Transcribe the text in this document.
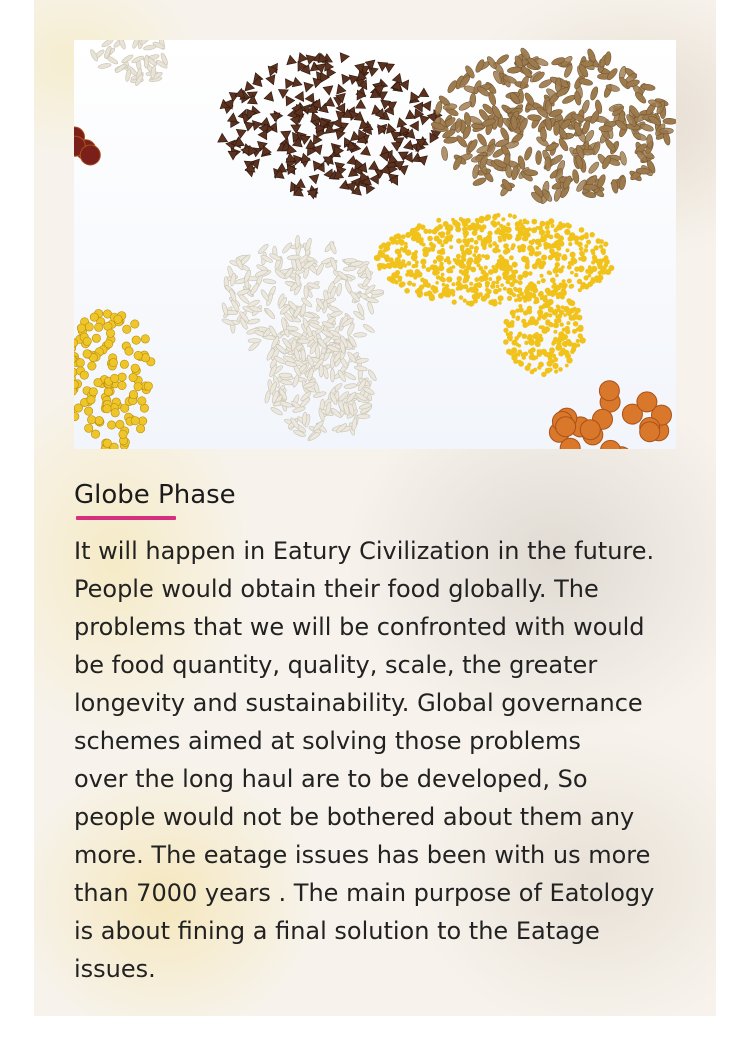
Globe Phase
It will happen in Eatury Civilization in the future.
People would obtain their food globally. The
problems that we will be confronted with would
be food quantity, quality, scale, the greater
longevity and sustainability. Global governance
schemes aimed at solving those problems
over the long haul are to be developed, So
people would not be bothered about them any
more. The eatage issues has been with us more
than 7000 years . The main purpose of Eatology
is about fining a final solution to the Eatage
issues.
